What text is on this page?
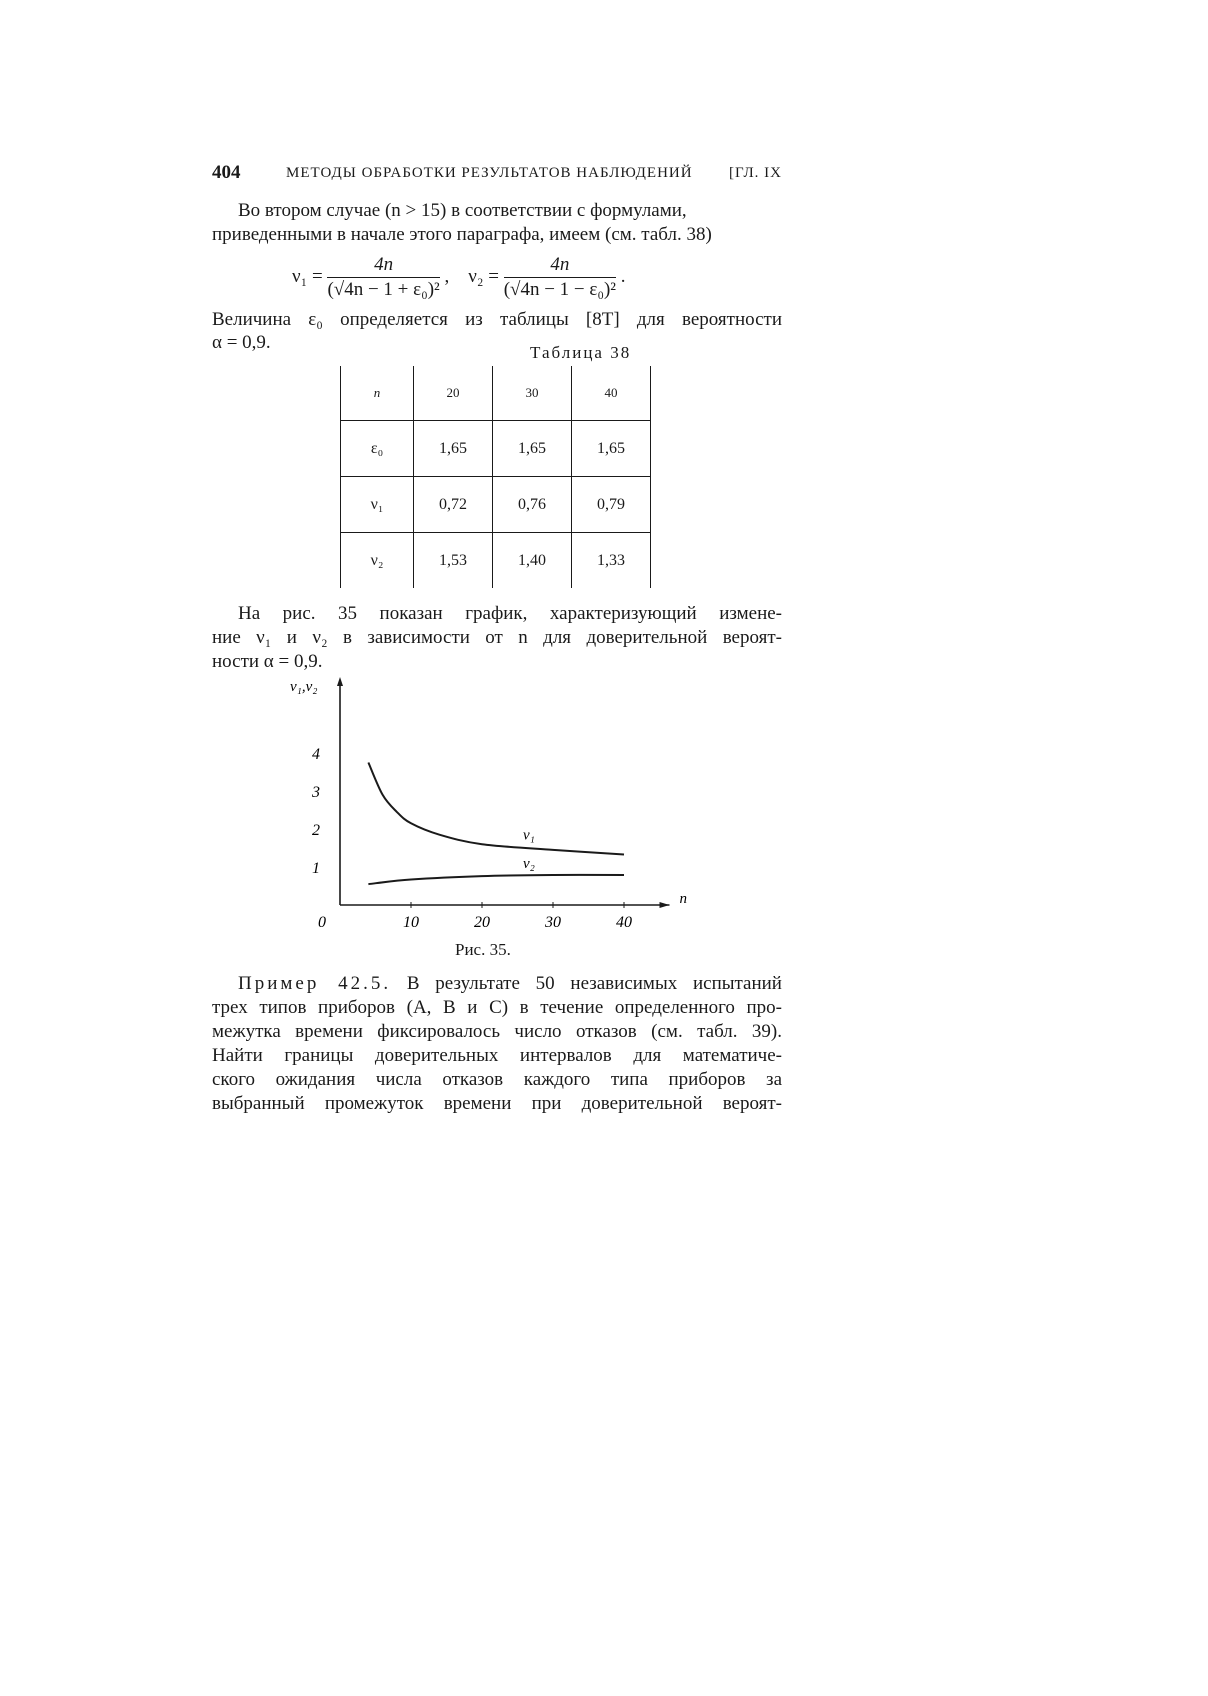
404	МЕТОДЫ ОБРАБОТКИ РЕЗУЛЬТАТОВ НАБЛЮДЕНИЙ [ГЛ. IX
Во втором случае (n > 15) в соответствии с формулами,
приведенными в начале этого параграфа, имеем (см. табл. 38)
$\nu_1 = \frac{4n}{\text{(√4n − 1 + ε₀)²}}$ , $\nu_2 = \frac{4n}{\text{(√4n − 1 − ε₀)²}}$ .
Величина ε₀ определяется из таблицы [8Т] для вероятности
α = 0,9.	Таблица 38
n	20	30	40
ε₀	1,65	1,65	1,65
ν₁	0,72	0,76	0,79
ν₂	1,53	1,40	1,33
На рис. 35 показан график, характеризующий измене-
ние ν₁ и ν₂ в зависимости от n для доверительной вероят-
ности α = 0,9.
0	10	20	30	40
1
2
3
4
n
ν₁,ν₂
ν₁
ν₂
Рис. 35.
Пример 42.5. В результате 50 независимых испытаний
трех типов приборов (A, B и C) в течение определенного про-
межутка времени фиксировалось число отказов (см. табл. 39).
Найти границы доверительных интервалов для математиче-
ского ожидания числа отказов каждого типа приборов за
выбранный промежуток времени при доверительной вероят-
